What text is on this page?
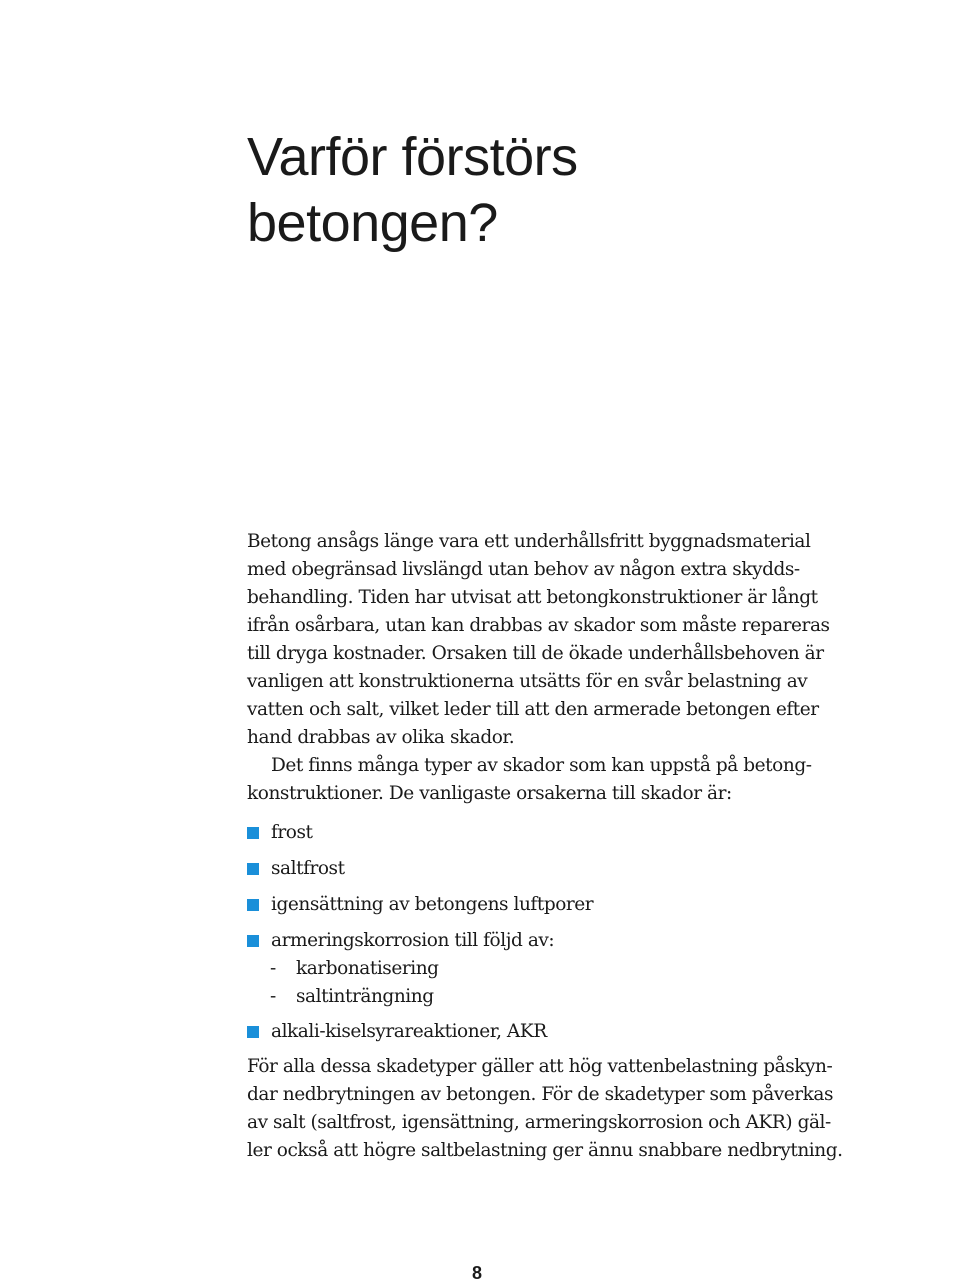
Varför förstörs
betongen?
Betong ansågs länge vara ett underhållsfritt byggnadsmaterial
med obegränsad livslängd utan behov av någon extra skydds-
behandling. Tiden har utvisat att betongkonstruktioner är långt
ifrån osårbara, utan kan drabbas av skador som måste repareras
till dryga kostnader. Orsaken till de ökade underhållsbehoven är
vanligen att konstruktionerna utsätts för en svår belastning av
vatten och salt, vilket leder till att den armerade betongen efter
hand drabbas av olika skador.
Det finns många typer av skador som kan uppstå på betong-
konstruktioner. De vanligaste orsakerna till skador är:
frost
saltfrost
igensättning av betongens luftporer
armeringskorrosion till följd av:
- karbonatisering
- saltinträngning
alkali-kiselsyrareaktioner, AKR
För alla dessa skadetyper gäller att hög vattenbelastning påskyn-
dar nedbrytningen av betongen. För de skadetyper som påverkas
av salt (saltfrost, igensättning, armeringskorrosion och AKR) gäl-
ler också att högre saltbelastning ger ännu snabbare nedbrytning.
8
